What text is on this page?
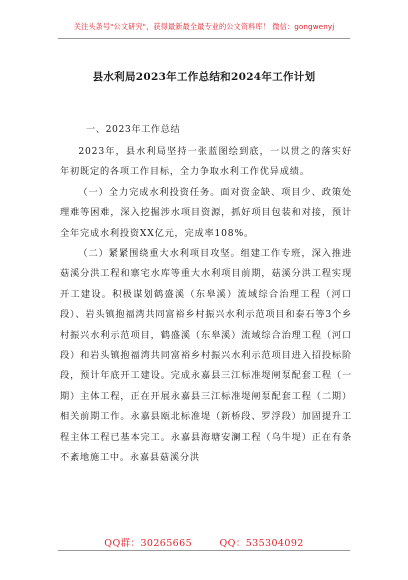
关注头条号"公文研究"，获得最新最全最专业的公文资料库！ 微信：gongwenyj
县水利局2023年工作总结和2024年工作计划
一、2023年工作总结

2023年，县水利局坚持一张蓝图绘到底，一以贯之的落实好年初既定的各项工作目标，全力争取水利工作优异成绩。

（一）全力完成水利投资任务。面对资金缺、项目少、政策处理难等困难，深入挖掘涉水项目资源，抓好项目包装和对接，预计全年完成水利投资XX亿元，完成率108%。

（二）紧紧围绕重大水利项目攻坚。组建工作专班，深入推进菇溪分洪工程和寨宅水库等重大水利项目前期，菇溪分洪工程实现开工建设。积极谋划鹤盛溪（东皋溪）流域综合治理工程（河口段）、岩头镇抱福湾共同富裕乡村振兴水利示范项目和泰石等3个乡村振兴水利示范项目，鹤盛溪（东皋溪）流域综合治理工程（河口段）和岩头镇抱福湾共同富裕乡村振兴水利示范项目进入招投标阶段，预计年底开工建设。完成永嘉县三江标准堤闸泵配套工程（一期）主体工程，正在开展永嘉县三江标准堤闸泵配套工程（二期）相关前期工作。永嘉县瓯北标准堤（新桥段、罗浮段）加固提升工程主体工程已基本完工。永嘉县海塘安澜工程（乌牛堤）正在有条不紊地施工中。永嘉县菇溪分洪

QQ群：30265665	QQ：535304092
